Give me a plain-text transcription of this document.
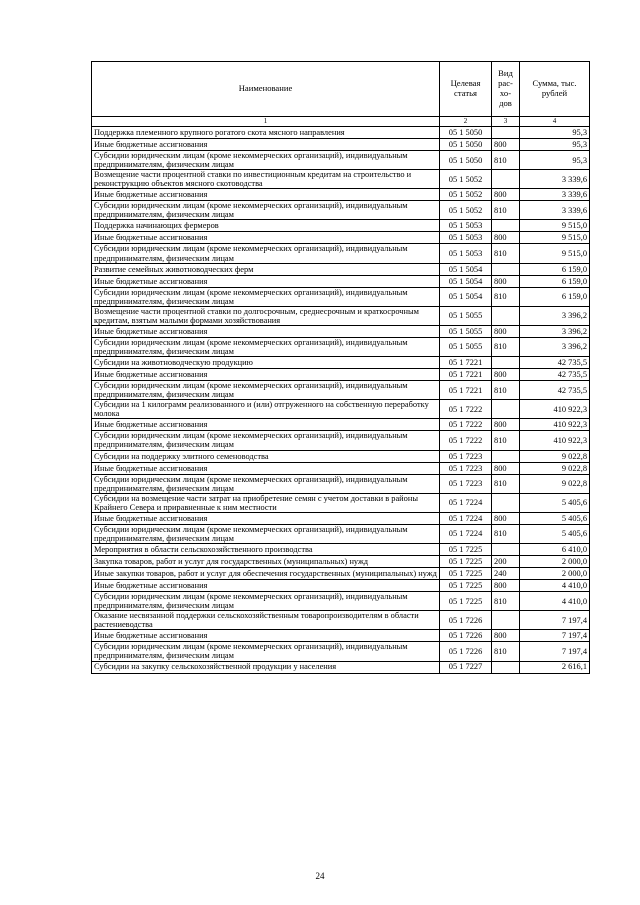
Наименование	Целевая статья	Вид рас-хо-дов	Сумма, тыс. рублей
1	2	3	4
Поддержка племенного крупного рогатого скота мясного направления	05 1 5050		95,3
Иные бюджетные ассигнования	05 1 5050	800	95,3
Субсидии юридическим лицам (кроме некоммерческих организаций), индивидуальным предпринимателям, физическим лицам	05 1 5050	810	95,3
Возмещение части процентной ставки по инвестиционным кредитам на строительство и реконструкцию объектов мясного скотоводства	05 1 5052		3 339,6
Иные бюджетные ассигнования	05 1 5052	800	3 339,6
Субсидии юридическим лицам (кроме некоммерческих организаций), индивидуальным предпринимателям, физическим лицам	05 1 5052	810	3 339,6
Поддержка начинающих фермеров	05 1 5053		9 515,0
Иные бюджетные ассигнования	05 1 5053	800	9 515,0
Субсидии юридическим лицам (кроме некоммерческих организаций), индивидуальным предпринимателям, физическим лицам	05 1 5053	810	9 515,0
Развитие семейных животноводческих ферм	05 1 5054		6 159,0
Иные бюджетные ассигнования	05 1 5054	800	6 159,0
Субсидии юридическим лицам (кроме некоммерческих организаций), индивидуальным предпринимателям, физическим лицам	05 1 5054	810	6 159,0
Возмещение части процентной ставки по долгосрочным, среднесрочным и краткосрочным кредитам, взятым малыми формами хозяйствования	05 1 5055		3 396,2
Иные бюджетные ассигнования	05 1 5055	800	3 396,2
Субсидии юридическим лицам (кроме некоммерческих организаций), индивидуальным предпринимателям, физическим лицам	05 1 5055	810	3 396,2
Субсидии на животноводческую продукцию	05 1 7221		42 735,5
Иные бюджетные ассигнования	05 1 7221	800	42 735,5
Субсидии юридическим лицам (кроме некоммерческих организаций), индивидуальным предпринимателям, физическим лицам	05 1 7221	810	42 735,5
Субсидии на 1 килограмм реализованного и (или) отгруженного на собственную переработку молока	05 1 7222		410 922,3
Иные бюджетные ассигнования	05 1 7222	800	410 922,3
Субсидии юридическим лицам (кроме некоммерческих организаций), индивидуальным предпринимателям, физическим лицам	05 1 7222	810	410 922,3
Субсидии на поддержку элитного семеноводства	05 1 7223		9 022,8
Иные бюджетные ассигнования	05 1 7223	800	9 022,8
Субсидии юридическим лицам (кроме некоммерческих организаций), индивидуальным предпринимателям, физическим лицам	05 1 7223	810	9 022,8
Субсидии на возмещение части затрат на приобретение семян с учетом доставки в районы Крайнего Севера и приравненные к ним местности	05 1 7224		5 405,6
Иные бюджетные ассигнования	05 1 7224	800	5 405,6
Субсидии юридическим лицам (кроме некоммерческих организаций), индивидуальным предпринимателям, физическим лицам	05 1 7224	810	5 405,6
Мероприятия в области сельскохозяйственного производства	05 1 7225		6 410,0
Закупка товаров, работ и услуг для государственных (муниципальных) нужд	05 1 7225	200	2 000,0
Иные закупки товаров, работ и услуг для обеспечения государственных (муниципальных) нужд	05 1 7225	240	2 000,0
Иные бюджетные ассигнования	05 1 7225	800	4 410,0
Субсидии юридическим лицам (кроме некоммерческих организаций), индивидуальным предпринимателям, физическим лицам	05 1 7225	810	4 410,0
Оказание несвязанной поддержки сельскохозяйственным товаропроизводителям в области растениеводства	05 1 7226		7 197,4
Иные бюджетные ассигнования	05 1 7226	800	7 197,4
Субсидии юридическим лицам (кроме некоммерческих организаций), индивидуальным предпринимателям, физическим лицам	05 1 7226	810	7 197,4
Субсидии на закупку сельскохозяйственной продукции у населения	05 1 7227		2 616,1
24
